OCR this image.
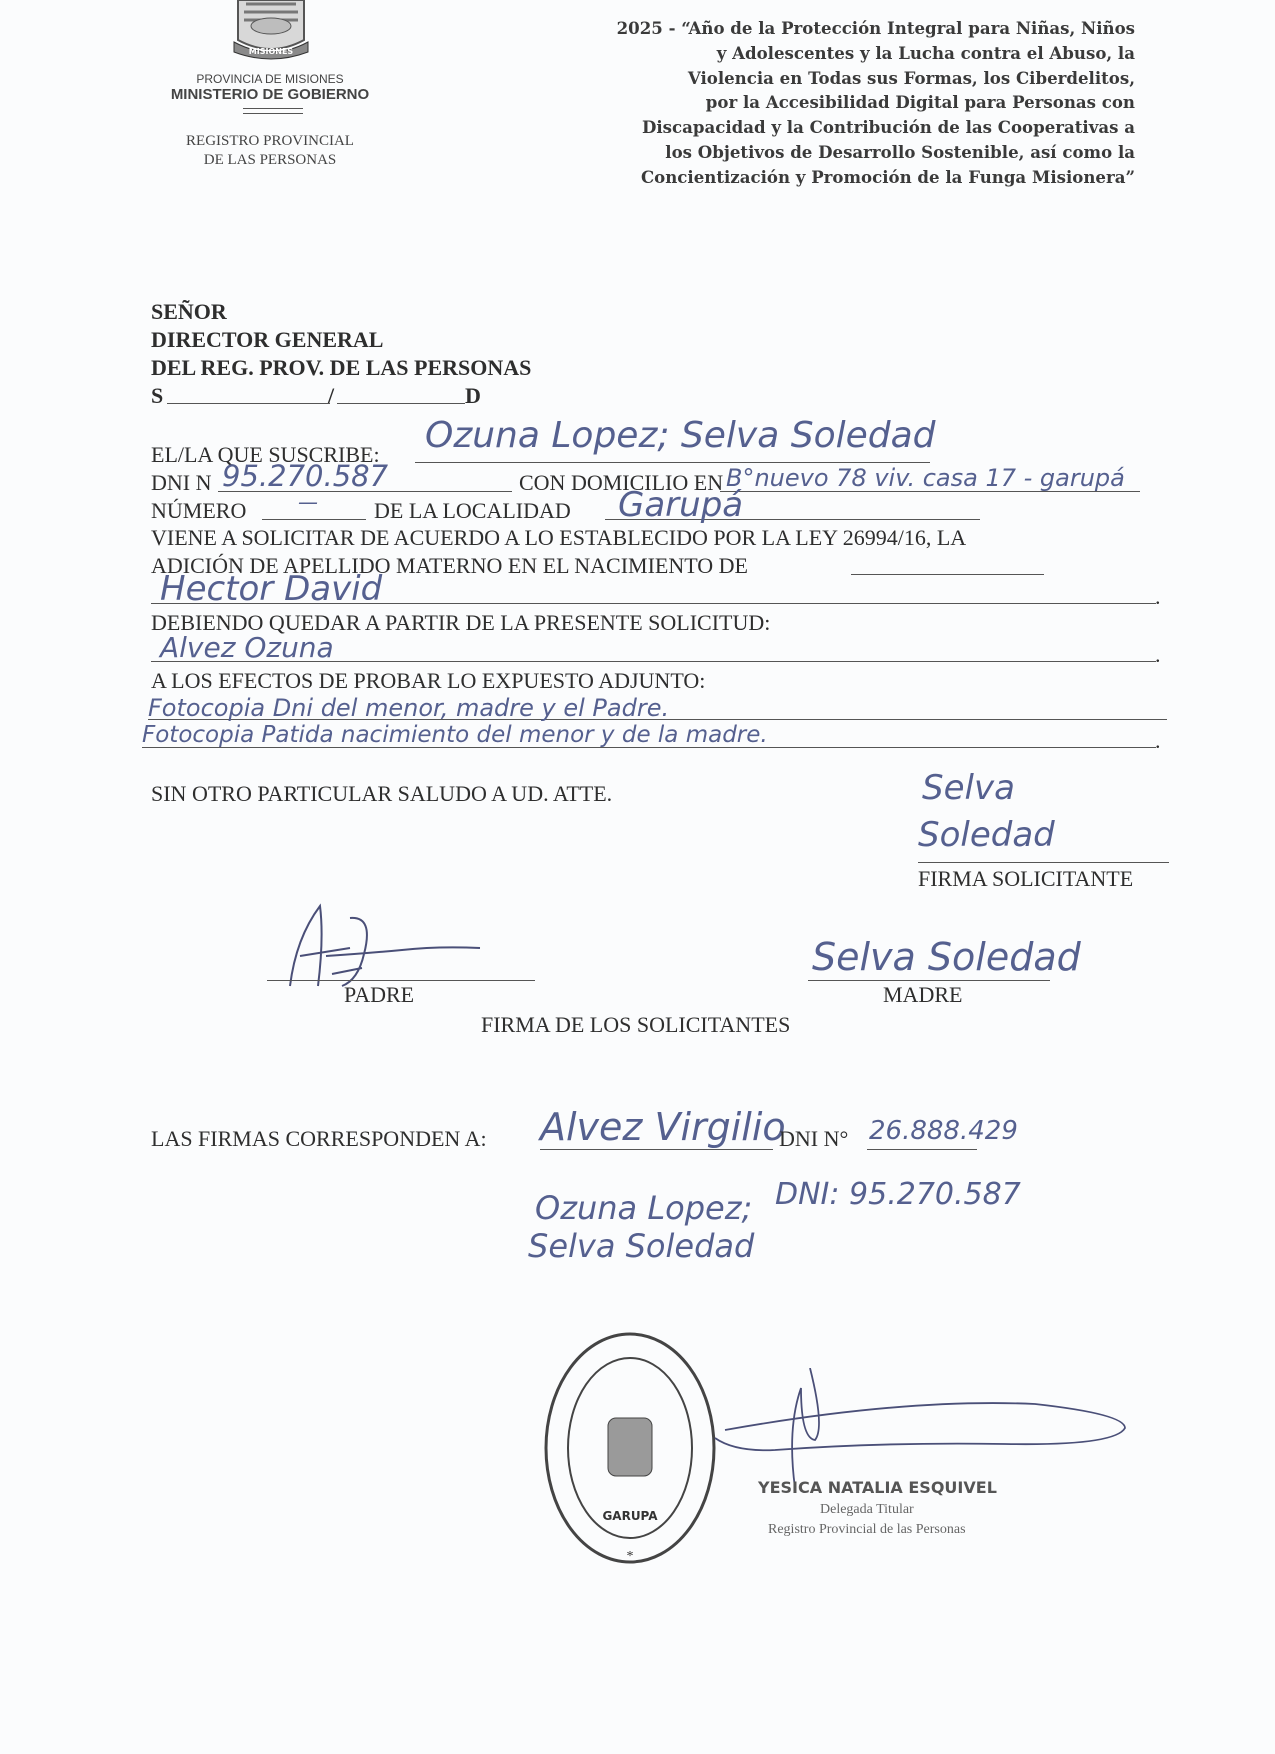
MISIONES
PROVINCIA DE MISIONES
MINISTERIO DE GOBIERNO
REGISTRO PROVINCIAL
DE LAS PERSONAS
2025 - “Año de la Protección Integral para Niñas, Niños
y Adolescentes y la Lucha contra el Abuso, la
Violencia en Todas sus Formas, los Ciberdelitos,
por la Accesibilidad Digital para Personas con
Discapacidad y la Contribución de las Cooperativas a
los Objetivos de Desarrollo Sostenible, así como la
Concientización y Promoción de la Funga Misionera”
SEÑOR
DIRECTOR GENERAL
DEL REG. PROV. DE LAS PERSONAS
S	/	D
EL/LA QUE SUSCRIBE: Ozuna Lopez; Selva Soledad
DNI N 95.270.587	CON DOMICILIO EN B°nuevo 78 viv. casa 17 - garupá
NÚMERO	—	DE LA LOCALIDAD Garupá
VIENE A SOLICITAR DE ACUERDO A LO ESTABLECIDO POR LA LEY 26994/16, LA
ADICIÓN DE APELLIDO MATERNO EN EL NACIMIENTO DE
Hector David	.
DEBIENDO QUEDAR A PARTIR DE LA PRESENTE SOLICITUD:
Alvez Ozuna	.
A LOS EFECTOS DE PROBAR LO EXPUESTO ADJUNTO:
Fotocopia Dni del menor, madre y el Padre.
Fotocopia Patida nacimiento del menor y de la madre.	.
SIN OTRO PARTICULAR SALUDO A UD. ATTE.	Selva
Soledad
FIRMA SOLICITANTE
PADRE
Selva Soledad
MADRE
FIRMA DE LOS SOLICITANTES
LAS FIRMAS CORRESPONDEN A: Alvez Virgilio
DNI N° 26.888.429
Ozuna Lopez; DNI: 95.270.587
Selva Soledad
GARUPA
*
YESICA NATALIA ESQUIVEL
Delegada Titular
Registro Provincial de las Personas
